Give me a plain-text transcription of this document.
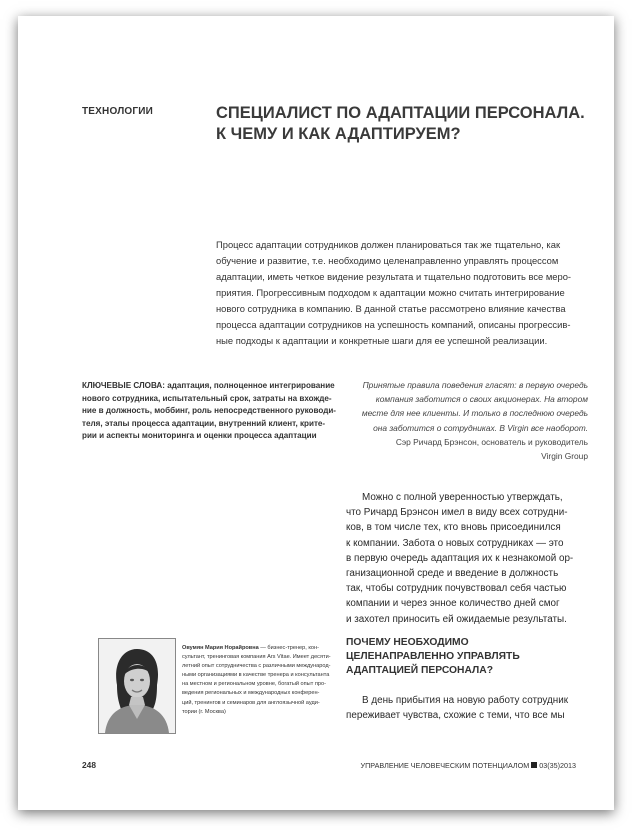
ТЕХНОЛОГИИ	СПЕЦИАЛИСТ ПО АДАПТАЦИИ ПЕРСОНАЛА.
К ЧЕМУ И КАК АДАПТИРУЕМ?
Процесс адаптации сотрудников должен планироваться так же тщательно, как
обучение и развитие, т.е. необходимо целенаправленно управлять процессом
адаптации, иметь четкое видение результата и тщательно подготовить все меро-
приятия. Прогрессивным подходом к адаптации можно считать интегрирование
нового сотрудника в компанию. В данной статье рассмотрено влияние качества
процесса адаптации сотрудников на успешность компаний, описаны прогрессив-
ные подходы к адаптации и конкретные шаги для ее успешной реализации.
КЛЮЧЕВЫЕ СЛОВА: адаптация, полноценное интегрирование
нового сотрудника, испытательный срок, затраты на вхожде-
ние в должность, моббинг, роль непосредственного руководи-
теля, этапы процесса адаптации, внутренний клиент, крите-
рии и аспекты мониторинга и оценки процесса адаптации
Принятые правила поведения гласят: в первую очередь
компания заботится о своих акционерах. На втором
месте для нее клиенты. И только в последнюю очередь
она заботится о сотрудниках. В Virgin все наоборот.
Сэр Ричард Брэнсон, основатель и руководитель
Virgin Group
Можно с полной уверенностью утверждать,
что Ричард Брэнсон имел в виду всех сотрудни-
ков, в том числе тех, кто вновь присоединился
к компании. Забота о новых сотрудниках — это
в первую очередь адаптация их к незнакомой ор-
ганизационной среде и введение в должность
так, чтобы сотрудник почувствовал себя частью
компании и через энное количество дней смог
и захотел приносить ей ожидаемые результаты.
ПОЧЕМУ НЕОБХОДИМО
ЦЕЛЕНАПРАВЛЕННО УПРАВЛЯТЬ
АДАПТАЦИЕЙ ПЕРСОНАЛА?
В день прибытия на новую работу сотрудник
переживает чувства, схожие с теми, что все мы
Овумян Мария Норайровна — бизнес-тренер, кон-
сультант, тренинговая компания Ars Vitae. Имеет десяти-
летний опыт сотрудничества с различными международ-
ными организациями в качестве тренера и консультанта
на местном и региональном уровне, богатый опыт про-
ведения региональных и международных конферен-
ций, тренингов и семинаров для англоязычной ауди-
тории (г. Москва)
248	УПРАВЛЕНИЕ ЧЕЛОВЕЧЕСКИМ ПОТЕНЦИАЛОМ 03(35)2013
